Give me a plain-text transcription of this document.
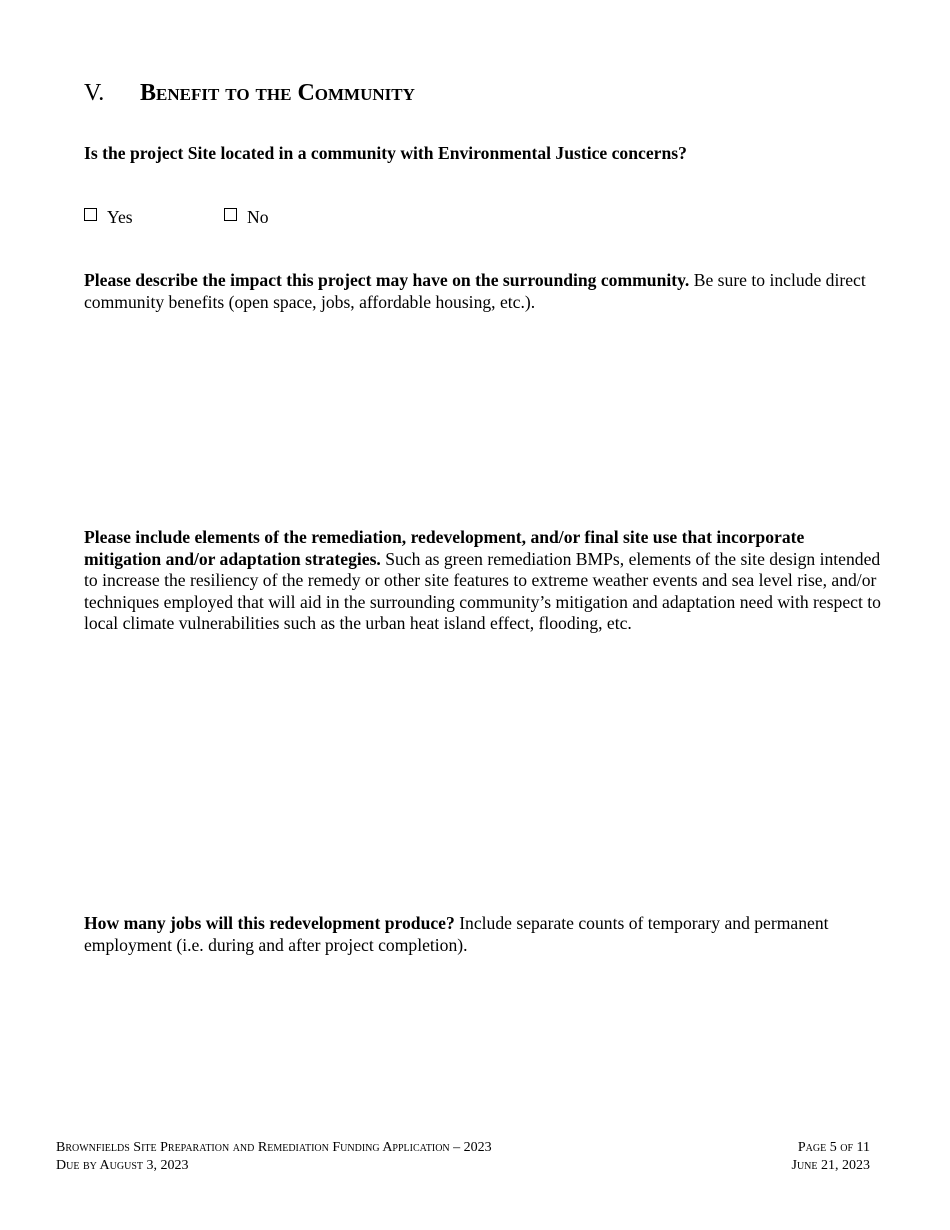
V. Benefit to the Community
Is the project Site located in a community with Environmental Justice concerns?
Yes	No
Please describe the impact this project may have on the surrounding community. Be sure to include direct community benefits (open space, jobs, affordable housing, etc.).
Please include elements of the remediation, redevelopment, and/or final site use that incorporate mitigation and/or adaptation strategies. Such as green remediation BMPs, elements of the site design intended to increase the resiliency of the remedy or other site features to extreme weather events and sea level rise, and/or techniques employed that will aid in the surrounding community’s mitigation and adaptation need with respect to local climate vulnerabilities such as the urban heat island effect, flooding, etc.
How many jobs will this redevelopment produce? Include separate counts of temporary and permanent employment (i.e. during and after project completion).
Brownfields Site Preparation and Remediation Funding Application – 2023
Due by August 3, 2023
Page 5 of 11
June 21, 2023
